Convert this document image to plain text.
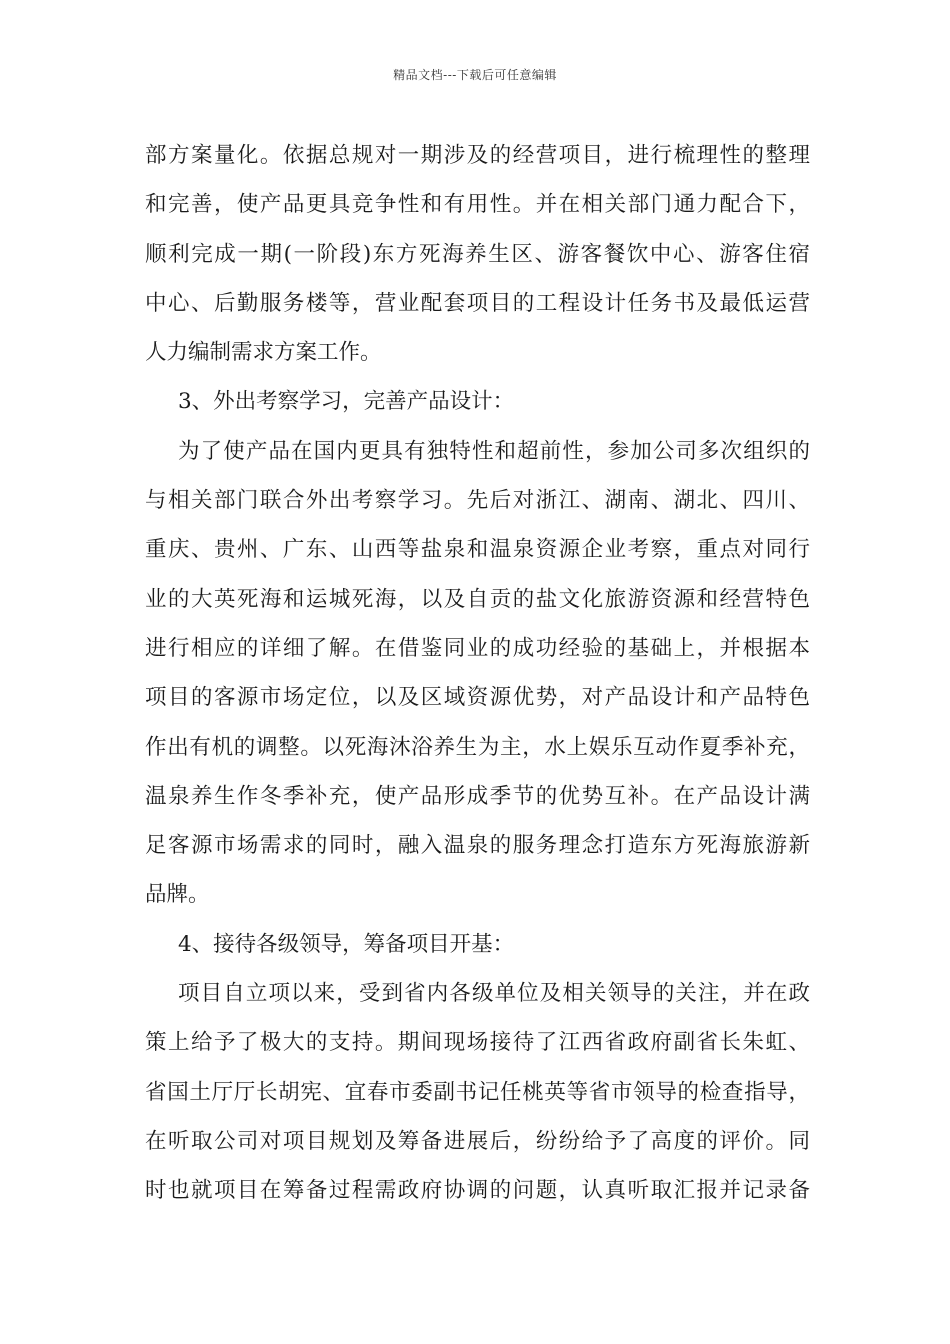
精品文档---下载后可任意编辑
部方案量化。依据总规对一期涉及的经营项目，进行梳理性的整理
和完善，使产品更具竞争性和有用性。并在相关部门通力配合下，
顺利完成一期(一阶段)东方死海养生区、游客餐饮中心、游客住宿
中心、后勤服务楼等，营业配套项目的工程设计任务书及最低运营
人力编制需求方案工作。
3、外出考察学习，完善产品设计：
为了使产品在国内更具有独特性和超前性，参加公司多次组织的
与相关部门联合外出考察学习。先后对浙江、湖南、湖北、四川、
重庆、贵州、广东、山西等盐泉和温泉资源企业考察，重点对同行
业的大英死海和运城死海，以及自贡的盐文化旅游资源和经营特色
进行相应的详细了解。在借鉴同业的成功经验的基础上，并根据本
项目的客源市场定位，以及区域资源优势，对产品设计和产品特色
作出有机的调整。以死海沐浴养生为主，水上娱乐互动作夏季补充，
温泉养生作冬季补充，使产品形成季节的优势互补。在产品设计满
足客源市场需求的同时，融入温泉的服务理念打造东方死海旅游新
品牌。
4、接待各级领导，筹备项目开基：
项目自立项以来，受到省内各级单位及相关领导的关注，并在政
策上给予了极大的支持。期间现场接待了江西省政府副省长朱虹、
省国土厅厅长胡宪、宜春市委副书记任桃英等省市领导的检查指导，
在听取公司对项目规划及筹备进展后，纷纷给予了高度的评价。同
时也就项目在筹备过程需政府协调的问题，认真听取汇报并记录备
